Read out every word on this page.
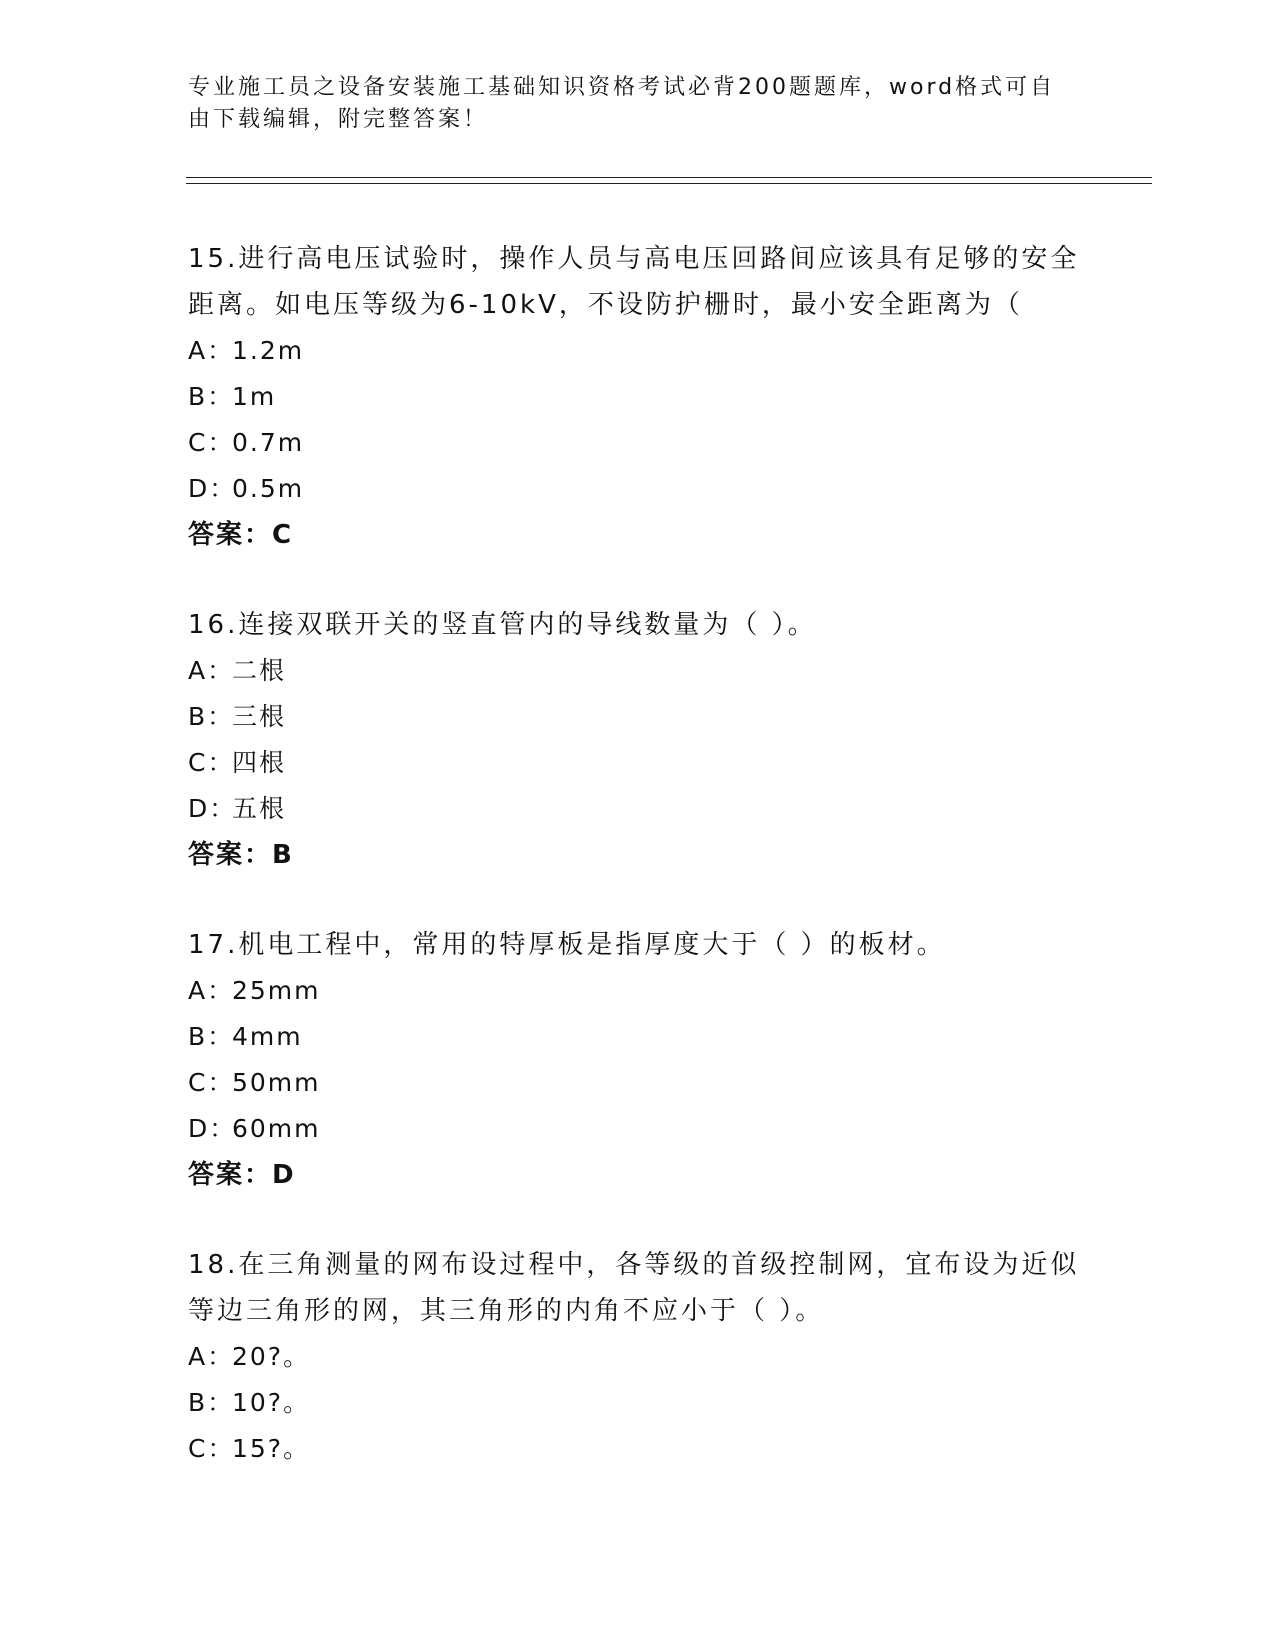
专业施工员之设备安装施工基础知识资格考试必背200题题库，word格式可自由下载编辑，附完整答案！

15.进行高电压试验时，操作人员与高电压回路间应该具有足够的安全距离。如电压等级为6-10kV，不设防护栅时，最小安全距离为（

A：1.2m

B：1m

C：0.7m

D：0.5m

答案：C

16.连接双联开关的竖直管内的导线数量为（ ）。

A：二根

B：三根

C：四根

D：五根

答案：B

17.机电工程中，常用的特厚板是指厚度大于（ ）的板材。

A：25mm

B：4mm

C：50mm

D：60mm

答案：D

18.在三角测量的网布设过程中，各等级的首级控制网，宜布设为近似等边三角形的网，其三角形的内角不应小于（ ）。

A：20?。

B：10?。

C：15?。
